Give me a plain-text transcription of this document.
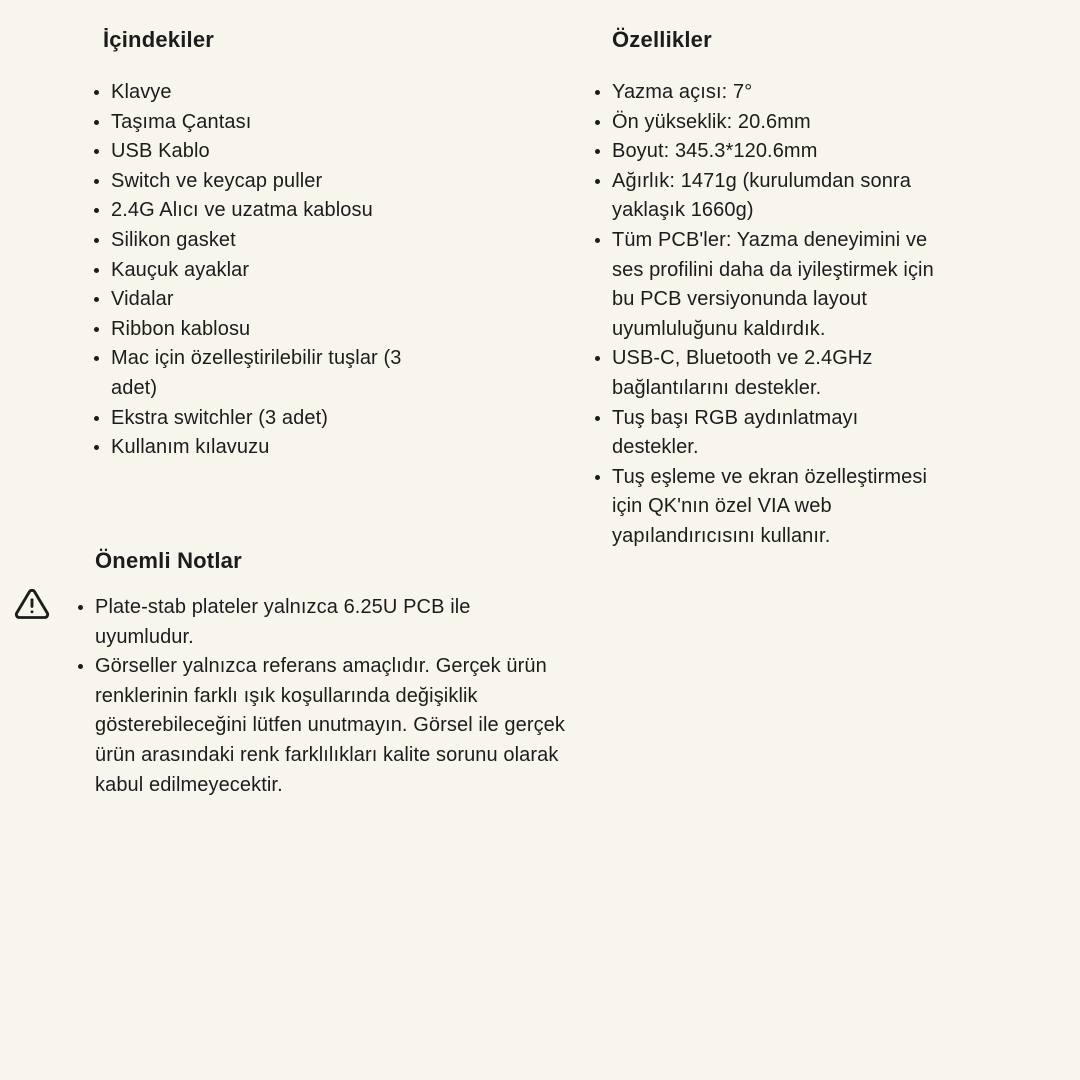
İçindekiler
• Klavye
• Taşıma Çantası
• USB Kablo
• Switch ve keycap puller
• 2.4G Alıcı ve uzatma kablosu
• Silikon gasket
• Kauçuk ayaklar
• Vidalar
• Ribbon kablosu
• Mac için özelleştirilebilir tuşlar (3 adet)
• Ekstra switchler (3 adet)
• Kullanım kılavuzu
Özellikler
• Yazma açısı: 7°
• Ön yükseklik: 20.6mm
• Boyut: 345.3*120.6mm
• Ağırlık: 1471g (kurulumdan sonra yaklaşık 1660g)
• Tüm PCB'ler: Yazma deneyimini ve ses profilini daha da iyileştirmek için bu PCB versiyonunda layout uyumluluğunu kaldırdık.
• USB-C, Bluetooth ve 2.4GHz bağlantılarını destekler.
• Tuş başı RGB aydınlatmayı destekler.
• Tuş eşleme ve ekran özelleştirmesi için QK'nın özel VIA web yapılandırıcısını kullanır.
Önemli Notlar
• Plate-stab plateler yalnızca 6.25U PCB ile uyumludur.
• Görseller yalnızca referans amaçlıdır. Gerçek ürün renklerinin farklı ışık koşullarında değişiklik gösterebileceğini lütfen unutmayın. Görsel ile gerçek ürün arasındaki renk farklılıkları kalite sorunu olarak kabul edilmeyecektir.
